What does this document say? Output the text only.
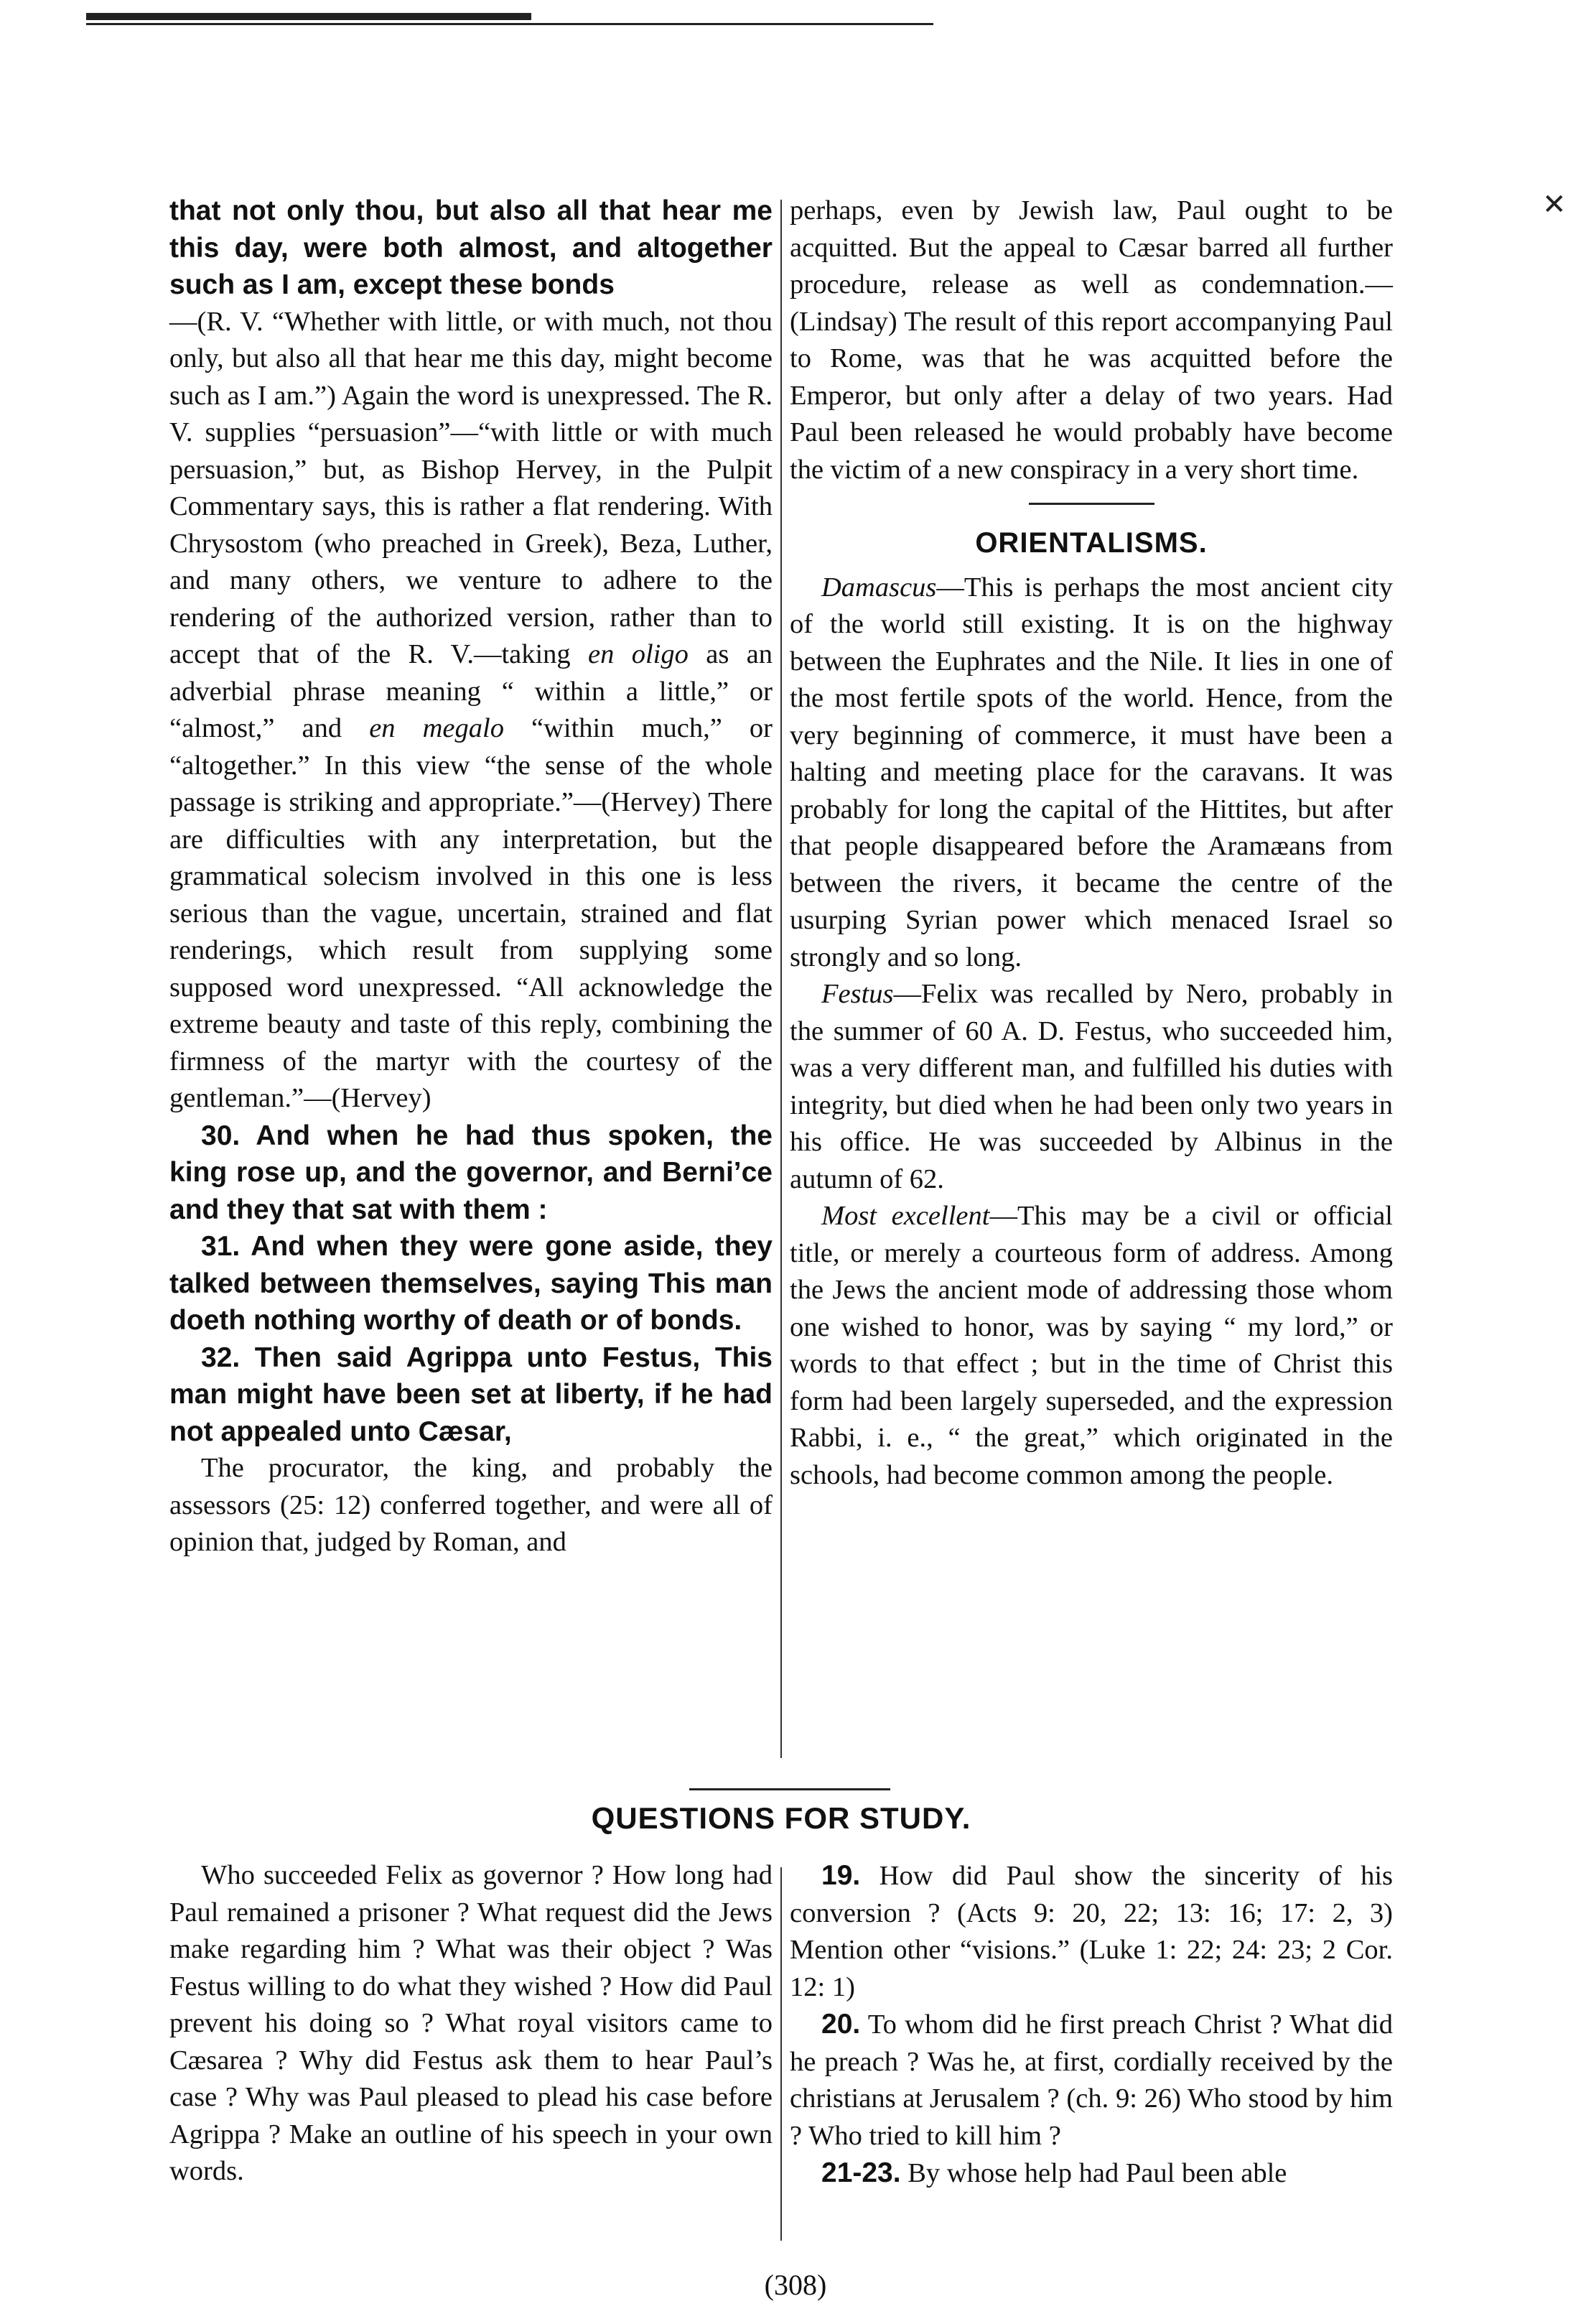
✕

that not only thou, but also all that hear me this day, were both almost, and altogether such as I am, except these bonds

—(R. V. “Whether with little, or with much, not thou only, but also all that hear me this day, might become such as I am.”) Again the word is unexpressed. The R. V. supplies “persuasion”—“with little or with much persuasion,” but, as Bishop Hervey, in the Pulpit Commentary says, this is rather a flat rendering. With Chrysostom (who preached in Greek), Beza, Luther, and many others, we venture to adhere to the rendering of the authorized version, rather than to accept that of the R. V.—taking en oligo as an adverbial phrase meaning “ within a little,” or “almost,” and en megalo “within much,” or “altogether.” In this view “the sense of the whole passage is striking and appropriate.”—(Hervey) There are difficulties with any interpretation, but the grammatical solecism involved in this one is less serious than the vague, uncertain, strained and flat renderings, which result from supplying some supposed word unexpressed. “All acknowledge the extreme beauty and taste of this reply, combining the firmness of the martyr with the courtesy of the gentleman.”—(Hervey)

30. And when he had thus spoken, the king rose up, and the governor, and Berni’ce and they that sat with them :

31. And when they were gone aside, they talked between themselves, saying This man doeth nothing worthy of death or of bonds.

32. Then said Agrippa unto Festus, This man might have been set at liberty, if he had not appealed unto Cæsar,

The procurator, the king, and probably the assessors (25: 12) conferred together, and were all of opinion that, judged by Roman, and

perhaps, even by Jewish law, Paul ought to be acquitted. But the appeal to Cæsar barred all further procedure, release as well as condemnation.—(Lindsay) The result of this report accompanying Paul to Rome, was that he was acquitted before the Emperor, but only after a delay of two years. Had Paul been released he would probably have become the victim of a new conspiracy in a very short time.

ORIENTALISMS.

Damascus—This is perhaps the most ancient city of the world still existing. It is on the highway between the Euphrates and the Nile. It lies in one of the most fertile spots of the world. Hence, from the very beginning of commerce, it must have been a halting and meeting place for the caravans. It was probably for long the capital of the Hittites, but after that people disappeared before the Aramæans from between the rivers, it became the centre of the usurping Syrian power which menaced Israel so strongly and so long.

Festus—Felix was recalled by Nero, probably in the summer of 60 A. D. Festus, who succeeded him, was a very different man, and fulfilled his duties with integrity, but died when he had been only two years in his office. He was succeeded by Albinus in the autumn of 62.

Most excellent—This may be a civil or official title, or merely a courteous form of address. Among the Jews the ancient mode of addressing those whom one wished to honor, was by saying “ my lord,” or words to that effect ; but in the time of Christ this form had been largely superseded, and the expression Rabbi, i. e., “ the great,” which originated in the schools, had become common among the people.

QUESTIONS FOR STUDY.

Who succeeded Felix as governor ? How long had Paul remained a prisoner ? What request did the Jews make regarding him ? What was their object ? Was Festus willing to do what they wished ? How did Paul prevent his doing so ? What royal visitors came to Cæsarea ? Why did Festus ask them to hear Paul’s case ? Why was Paul pleased to plead his case before Agrippa ? Make an outline of his speech in your own words.

19. How did Paul show the sincerity of his conversion ? (Acts 9: 20, 22; 13: 16; 17: 2, 3) Mention other “visions.” (Luke 1: 22; 24: 23; 2 Cor. 12: 1)

20. To whom did he first preach Christ ? What did he preach ? Was he, at first, cordially received by the christians at Jerusalem ? (ch. 9: 26) Who stood by him ? Who tried to kill him ?

21-23. By whose help had Paul been able

(308)
